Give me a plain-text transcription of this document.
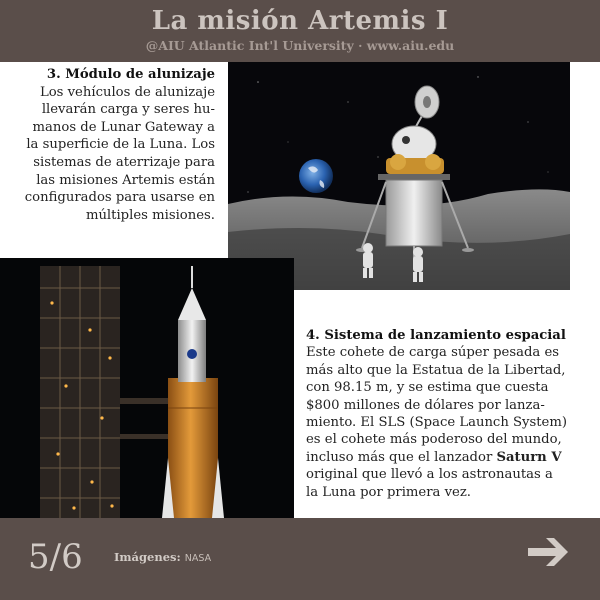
La misión Artemis I
@AIU Atlantic Int'l University · www.aiu.edu
3. Módulo de alunizaje
Los vehículos de alunizaje
llevarán carga y seres hu-
manos de Lunar Gateway a
la superficie de la Luna. Los
sistemas de aterrizaje para
las misiones Artemis están
configurados para usarse en
múltiples misiones.
4. Sistema de lanzamiento espacial
Este cohete de carga súper pesada es
más alto que la Estatua de la Libertad,
con 98.15 m, y se estima que cuesta
$800 millones de dólares por lanza-
miento. El SLS (Space Launch System)
es el cohete más poderoso del mundo,
incluso más que el lanzador Saturn V
original que llevó a los astronautas a
la Luna por primera vez.
5/6	Imágenes: NASA
